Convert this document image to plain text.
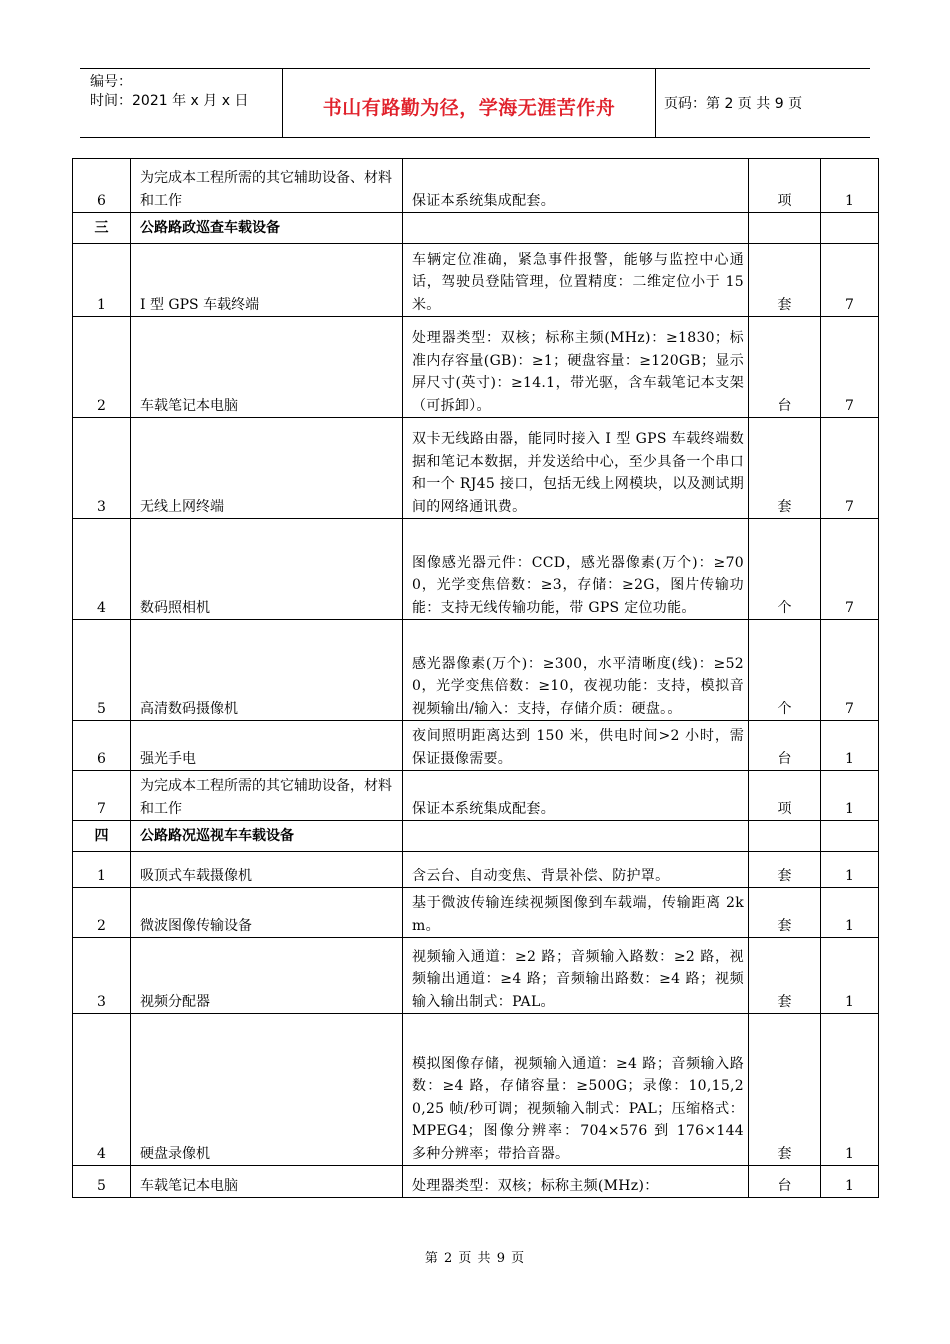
编号：
时间：2021 年 x 月 x 日	书山有路勤为径，学海无涯苦作舟	页码：第 2 页 共 9 页
6	为完成本工程所需的其它辅助设备、材料和工作	保证本系统集成配套。	项	1
三	公路路政巡查车载设备			
1	I 型 GPS 车载终端	车辆定位准确，紧急事件报警，能够与监控中心通话，驾驶员登陆管理，位置精度：二维定位小于 15 米。	套	7
2	车载笔记本电脑	处理器类型：双核；标称主频(MHz)：≥1830；标准内存容量(GB)：≥1；硬盘容量：≥120GB；显示屏尺寸(英寸)：≥14.1，带光驱，含车载笔记本支架（可拆卸）。	台	7
3	无线上网终端	双卡无线路由器，能同时接入 I 型 GPS 车载终端数据和笔记本数据，并发送给中心，至少具备一个串口和一个 RJ45 接口，包括无线上网模块，以及测试期间的网络通讯费。	套	7
4	数码照相机	图像感光器元件：CCD，感光器像素(万个)：≥700，光学变焦倍数：≥3，存储：≥2G，图片传输功能：支持无线传输功能，带 GPS 定位功能。	个	7
5	高清数码摄像机	感光器像素(万个)：≥300，水平清晰度(线)：≥520，光学变焦倍数：≥10，夜视功能：支持，模拟音视频输出/输入：支持，存储介质：硬盘。。	个	7
6	强光手电	夜间照明距离达到 150 米，供电时间>2 小时，需保证摄像需要。	台	1
7	为完成本工程所需的其它辅助设备，材料和工作	保证本系统集成配套。	项	1
四	公路路况巡视车车载设备			
1	吸顶式车载摄像机	含云台、自动变焦、背景补偿、防护罩。	套	1
2	微波图像传输设备	基于微波传输连续视频图像到车载端，传输距离 2km。	套	1
3	视频分配器	视频输入通道：≥2 路；音频输入路数：≥2 路，视频输出通道：≥4 路；音频输出路数：≥4 路；视频输入输出制式：PAL。	套	1
4	硬盘录像机	模拟图像存储，视频输入通道：≥4 路；音频输入路数：≥4 路，存储容量：≥500G；录像：10,15,20,25 帧/秒可调；视频输入制式：PAL；压缩格式：MPEG4；图像分辨率：704×576 到 176×144 多种分辨率；带拾音器。	套	1
5	车载笔记本电脑	处理器类型：双核；标称主频(MHz)：	台	1
第 2 页 共 9 页
